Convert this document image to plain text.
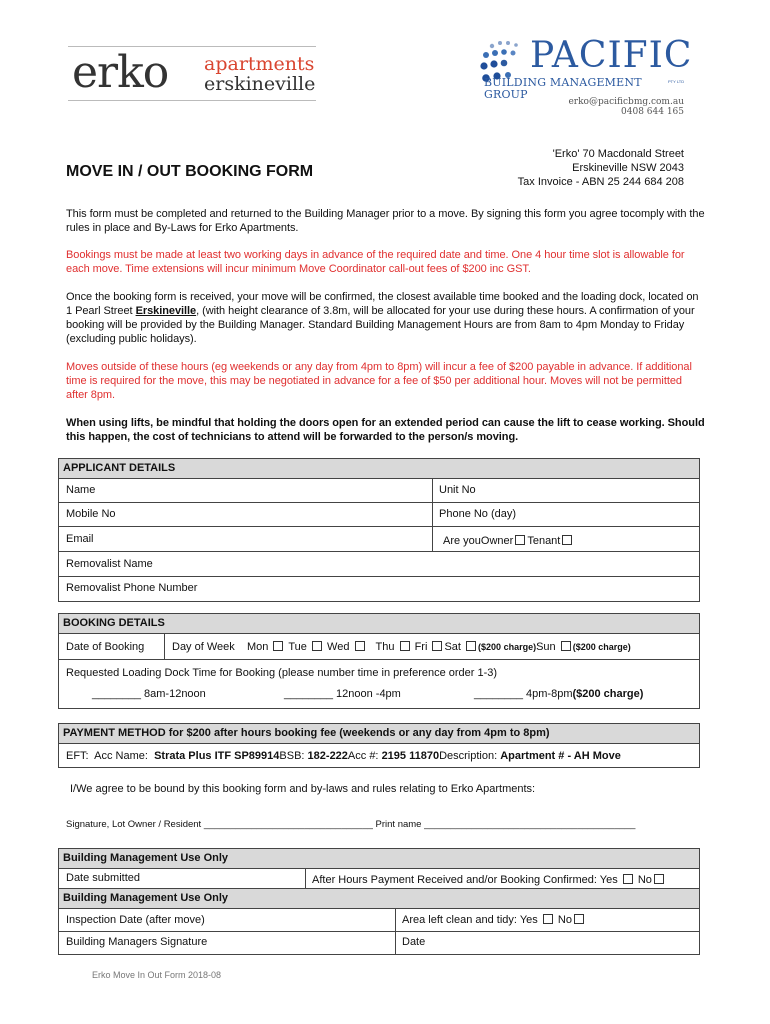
erko apartments
erskineville
PACIFIC
BUILDING MANAGEMENT GROUP
PTY LTD
erko@pacificbmg.com.au
0408 644 165
'Erko' 70 Macdonald Street
Erskineville NSW 2043
Tax Invoice - ABN 25 244 684 208
MOVE IN / OUT BOOKING FORM
This form must be completed and returned to the Building Manager prior to a move. By signing this form you agree tocomply with the rules in place and By-Laws for Erko Apartments.
Bookings must be made at least two working days in advance of the required date and time. One 4 hour time slot is allowable for each move. Time extensions will incur minimum Move Coordinator call-out fees of $200 inc GST.
Once the booking form is received, your move will be confirmed, the closest available time booked and the loading dock, located on 1 Pearl Street Erskineville, (with height clearance of 3.8m, will be allocated for your use during these hours. A confirmation of your booking will be provided by the Building Manager. Standard Building Management Hours are from 8am to 4pm Monday to Friday (excluding public holidays).
Moves outside of these hours (eg weekends or any day from 4pm to 8pm) will incur a fee of $200 payable in advance. If additional time is required for the move, this may be negotiated in advance for a fee of $50 per additional hour. Moves will not be permitted after 8pm.
When using lifts, be mindful that holding the doors open for an extended period can cause the lift to cease working. Should this happen, the cost of technicians to attend will be forwarded to the person/s moving.
APPLICANT DETAILS
Name	Unit No
Mobile No	Phone No (day)
Email	Are youOwner Tenant
Removalist Name
Removalist Phone Number
BOOKING DETAILS
Date of Booking	Day of Week Mon Tue Wed Thu Fri Sat ($200 charge)Sun ($200 charge)
Requested Loading Dock Time for Booking (please number time in preference order 1-3)
________ 8am-12noon	________ 12noon -4pm	________ 4pm-8pm($200 charge)
PAYMENT METHOD for $200 after hours booking fee (weekends or any day from 4pm to 8pm)
EFT: Acc Name: Strata Plus ITF SP89914BSB: 182-222Acc #: 2195 11870Description: Apartment # - AH Move
I/We agree to be bound by this booking form and by-laws and rules relating to Erko Apartments:
Signature, Lot Owner / Resident ________________________________ Print name ________________________________________
Building Management Use Only
Date submitted	After Hours Payment Received and/or Booking Confirmed: Yes No
Building Management Use Only
Inspection Date (after move)	Area left clean and tidy: Yes No
Building Managers Signature	Date
Erko Move In Out Form 2018-08
